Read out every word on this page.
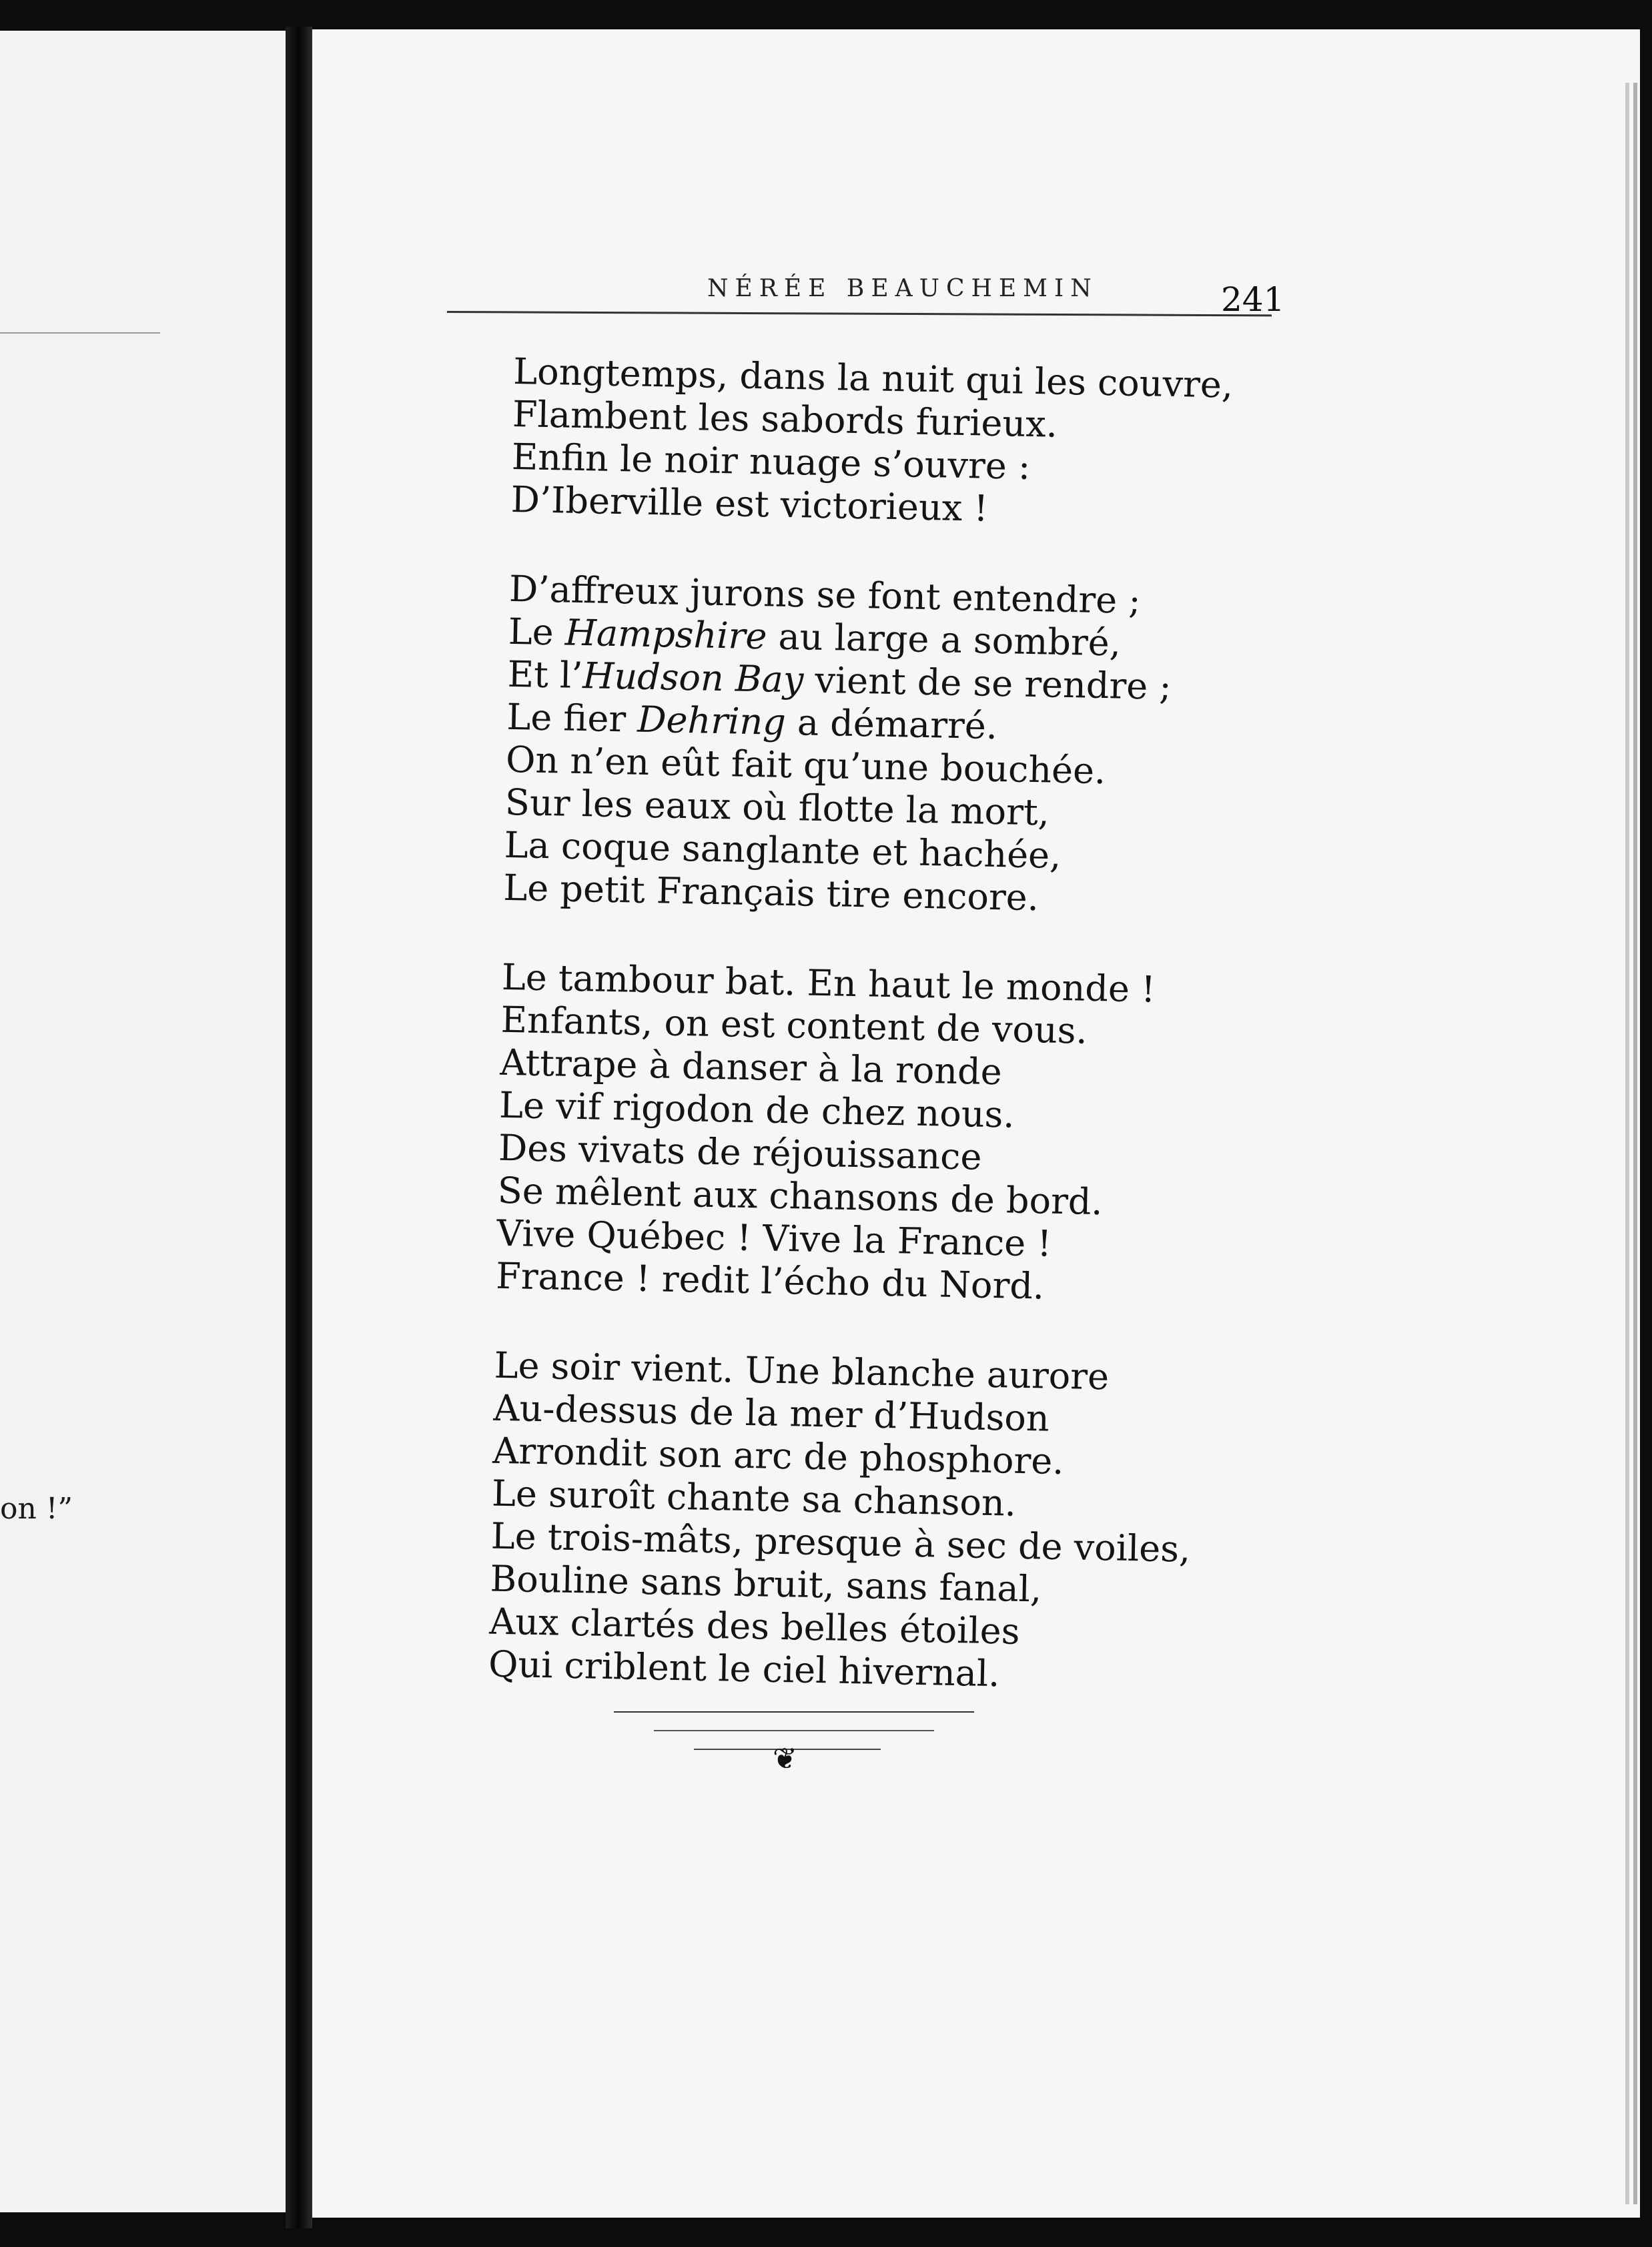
on !”
NÉRÉE BEAUCHEMIN	241
Longtemps, dans la nuit qui les couvre,
Flambent les sabords furieux.
Enfin le noir nuage s’ouvre :
D’Iberville est victorieux !
D’affreux jurons se font entendre ;
Le Hampshire au large a sombré,
Et l’Hudson Bay vient de se rendre ;
Le fier Dehring a démarré.
On n’en eût fait qu’une bouchée.
Sur les eaux où flotte la mort,
La coque sanglante et hachée,
Le petit Français tire encore.
Le tambour bat. En haut le monde !
Enfants, on est content de vous.
Attrape à danser à la ronde
Le vif rigodon de chez nous.
Des vivats de réjouissance
Se mêlent aux chansons de bord.
Vive Québec ! Vive la France !
France ! redit l’écho du Nord.
Le soir vient. Une blanche aurore
Au-dessus de la mer d’Hudson
Arrondit son arc de phosphore.
Le suroît chante sa chanson.
Le trois-mâts, presque à sec de voiles,
Bouline sans bruit, sans fanal,
Aux clartés des belles étoiles
Qui criblent le ciel hivernal.
❦
